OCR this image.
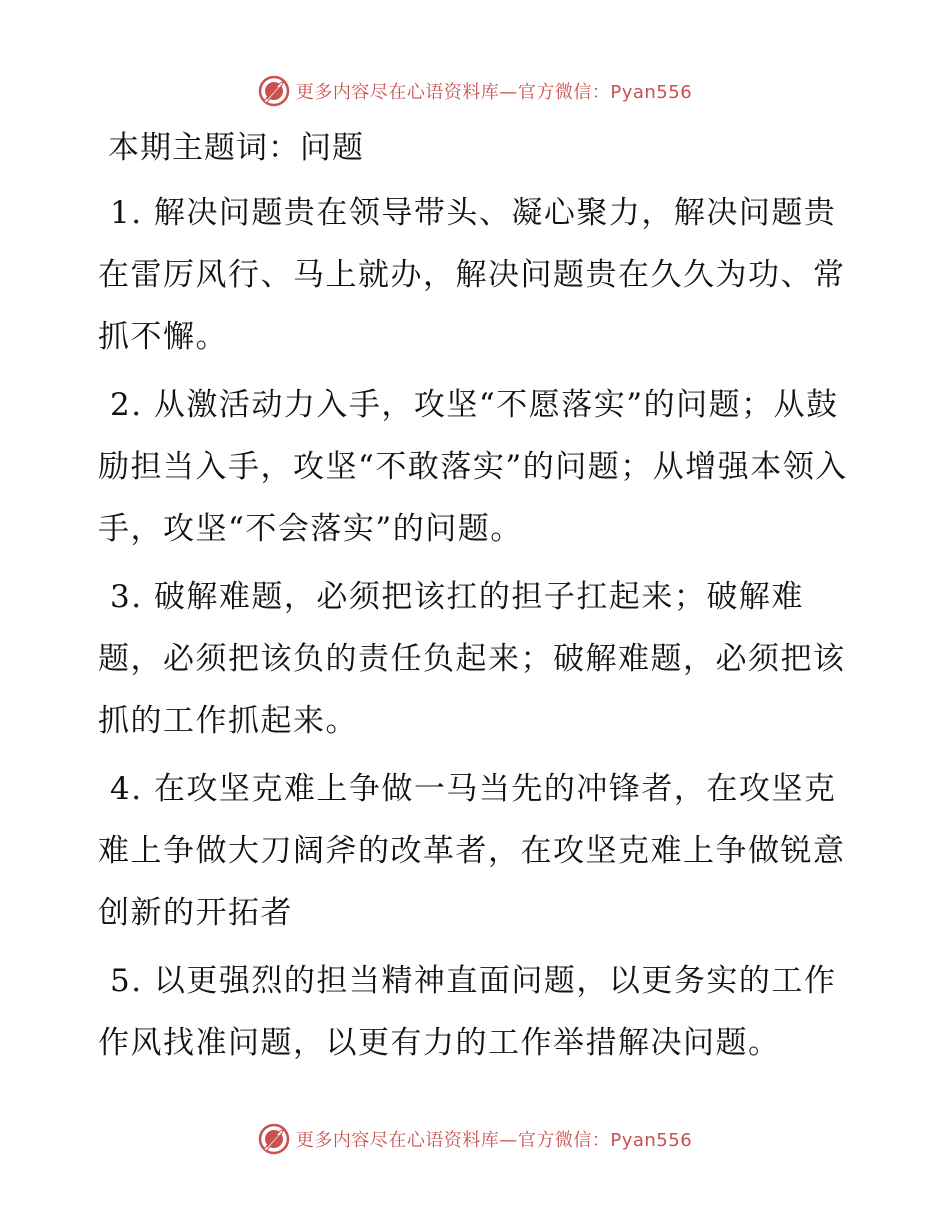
更多内容尽在心语资料库—官方微信：Pyan556
本期主题词：问题
1. 解决问题贵在领导带头、凝心聚力，解决问题贵在雷厉风行、马上就办，解决问题贵在久久为功、常抓不懈。
2. 从激活动力入手，攻坚“不愿落实”的问题；从鼓励担当入手，攻坚“不敢落实”的问题；从增强本领入手，攻坚“不会落实”的问题。
3. 破解难题，必须把该扛的担子扛起来；破解难题，必须把该负的责任负起来；破解难题，必须把该抓的工作抓起来。
4. 在攻坚克难上争做一马当先的冲锋者，在攻坚克难上争做大刀阔斧的改革者，在攻坚克难上争做锐意创新的开拓者
5. 以更强烈的担当精神直面问题，以更务实的工作作风找准问题，以更有力的工作举措解决问题。
更多内容尽在心语资料库—官方微信：Pyan556
